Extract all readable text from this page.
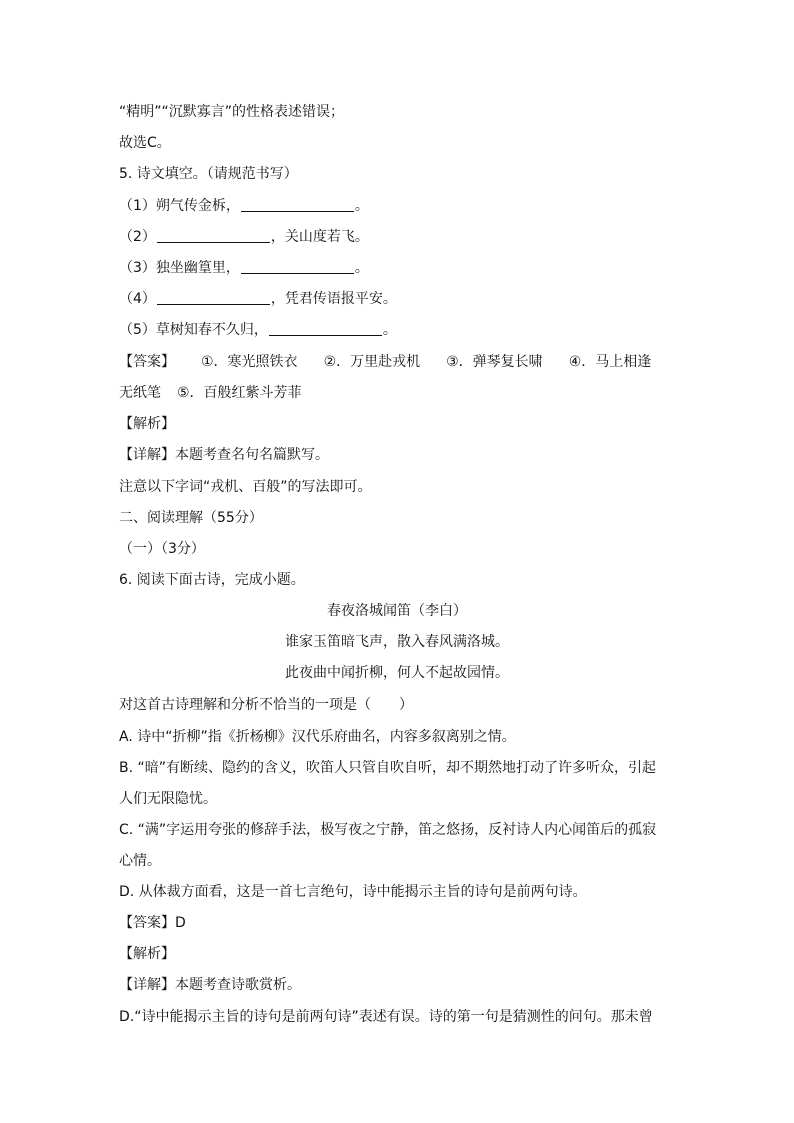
“精明”“沉默寡言”的性格表述错误；
故选C。
5. 诗文填空。（请规范书写）
（1）朔气传金柝，	。
（2）	，关山度若飞。
（3）独坐幽篁里，	。
（4）	，凭君传语报平安。
（5）草树知春不久归，	。
【答案】 ①．寒光照铁衣 ②．万里赴戎机 ③．弹琴复长啸 ④．马上相逢
无纸笔 ⑤．百般红紫斗芳菲
【解析】
【详解】本题考查名句名篇默写。
注意以下字词“戎机、百般”的写法即可。
二、阅读理解（55分）
（一）（3分）
6. 阅读下面古诗，完成小题。
春夜洛城闻笛（李白）
谁家玉笛暗飞声，散入春风满洛城。
此夜曲中闻折柳，何人不起故园情。
对这首古诗理解和分析不恰当的一项是（　　）
A. 诗中“折柳”指《折杨柳》汉代乐府曲名，内容多叙离别之情。
B. “暗”有断续、隐约的含义，吹笛人只管自吹自听，却不期然地打动了许多听众，引起
人们无限隐忧。
C. “满”字运用夸张的修辞手法，极写夜之宁静，笛之悠扬，反衬诗人内心闻笛后的孤寂
心情。
D. 从体裁方面看，这是一首七言绝句，诗中能揭示主旨的诗句是前两句诗。
【答案】D
【解析】
【详解】本题考查诗歌赏析。
D.“诗中能揭示主旨的诗句是前两句诗”表述有误。诗的第一句是猜测性的问句。那未曾
